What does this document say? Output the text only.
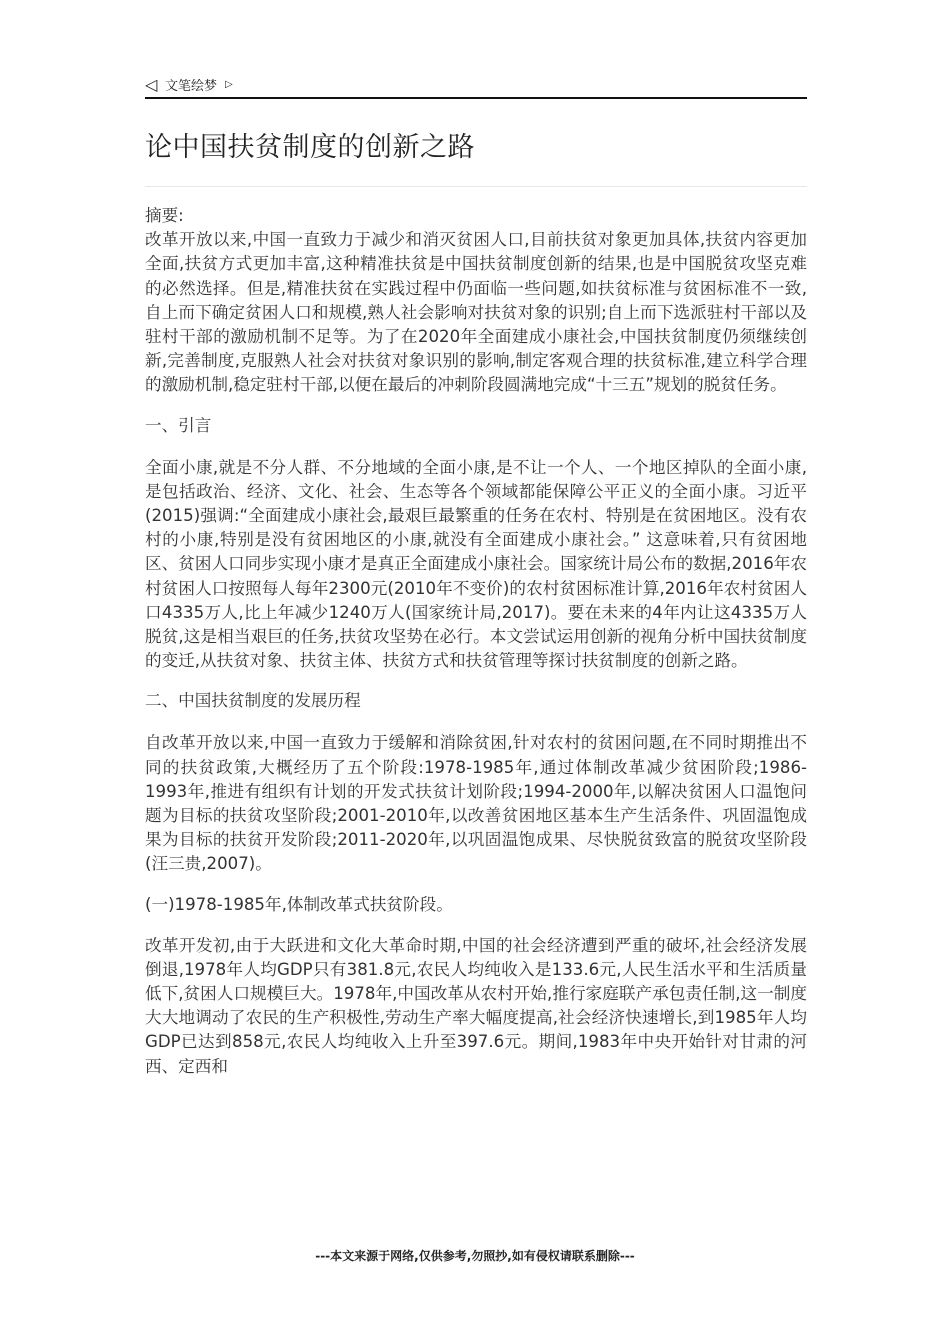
◁ 文笔绘梦 ▷
论中国扶贫制度的创新之路

摘要:

改革开放以来,中国一直致力于减少和消灭贫困人口,目前扶贫对象更加具体,扶贫内容更加全面,扶贫方式更加丰富,这种精准扶贫是中国扶贫制度创新的结果,也是中国脱贫攻坚克难的必然选择。但是,精准扶贫在实践过程中仍面临一些问题,如扶贫标准与贫困标准不一致,自上而下确定贫困人口和规模,熟人社会影响对扶贫对象的识别;自上而下选派驻村干部以及驻村干部的激励机制不足等。为了在2020年全面建成小康社会,中国扶贫制度仍须继续创新,完善制度,克服熟人社会对扶贫对象识别的影响,制定客观合理的扶贫标准,建立科学合理的激励机制,稳定驻村干部,以便在最后的冲刺阶段圆满地完成“十三五”规划的脱贫任务。

一、引言

全面小康,就是不分人群、不分地域的全面小康,是不让一个人、一个地区掉队的全面小康,是包括政治、经济、文化、社会、生态等各个领域都能保障公平正义的全面小康。习近平(2015)强调:“全面建成小康社会,最艰巨最繁重的任务在农村、特别是在贫困地区。没有农村的小康,特别是没有贫困地区的小康,就没有全面建成小康社会。” 这意味着,只有贫困地区、贫困人口同步实现小康才是真正全面建成小康社会。国家统计局公布的数据,2016年农村贫困人口按照每人每年2300元(2010年不变价)的农村贫困标准计算,2016年农村贫困人口4335万人,比上年减少1240万人(国家统计局,2017)。要在未来的4年内让这4335万人脱贫,这是相当艰巨的任务,扶贫攻坚势在必行。本文尝试运用创新的视角分析中国扶贫制度的变迁,从扶贫对象、扶贫主体、扶贫方式和扶贫管理等探讨扶贫制度的创新之路。

二、中国扶贫制度的发展历程

自改革开放以来,中国一直致力于缓解和消除贫困,针对农村的贫困问题,在不同时期推出不同的扶贫政策,大概经历了五个阶段:1978-1985年,通过体制改革减少贫困阶段;1986-1993年,推进有组织有计划的开发式扶贫计划阶段;1994-2000年,以解决贫困人口温饱问题为目标的扶贫攻坚阶段;2001-2010年,以改善贫困地区基本生产生活条件、巩固温饱成果为目标的扶贫开发阶段;2011-2020年,以巩固温饱成果、尽快脱贫致富的脱贫攻坚阶段(汪三贵,2007)。

(一)1978-1985年,体制改革式扶贫阶段。

改革开发初,由于大跃进和文化大革命时期,中国的社会经济遭到严重的破坏,社会经济发展倒退,1978年人均GDP只有381.8元,农民人均纯收入是133.6元,人民生活水平和生活质量低下,贫困人口规模巨大。1978年,中国改革从农村开始,推行家庭联产承包责任制,这一制度大大地调动了农民的生产积极性,劳动生产率大幅度提高,社会经济快速增长,到1985年人均GDP已达到858元,农民人均纯收入上升至397.6元。期间,1983年中央开始针对甘肃的河西、定西和

---本文来源于网络,仅供参考,勿照抄,如有侵权请联系删除---
